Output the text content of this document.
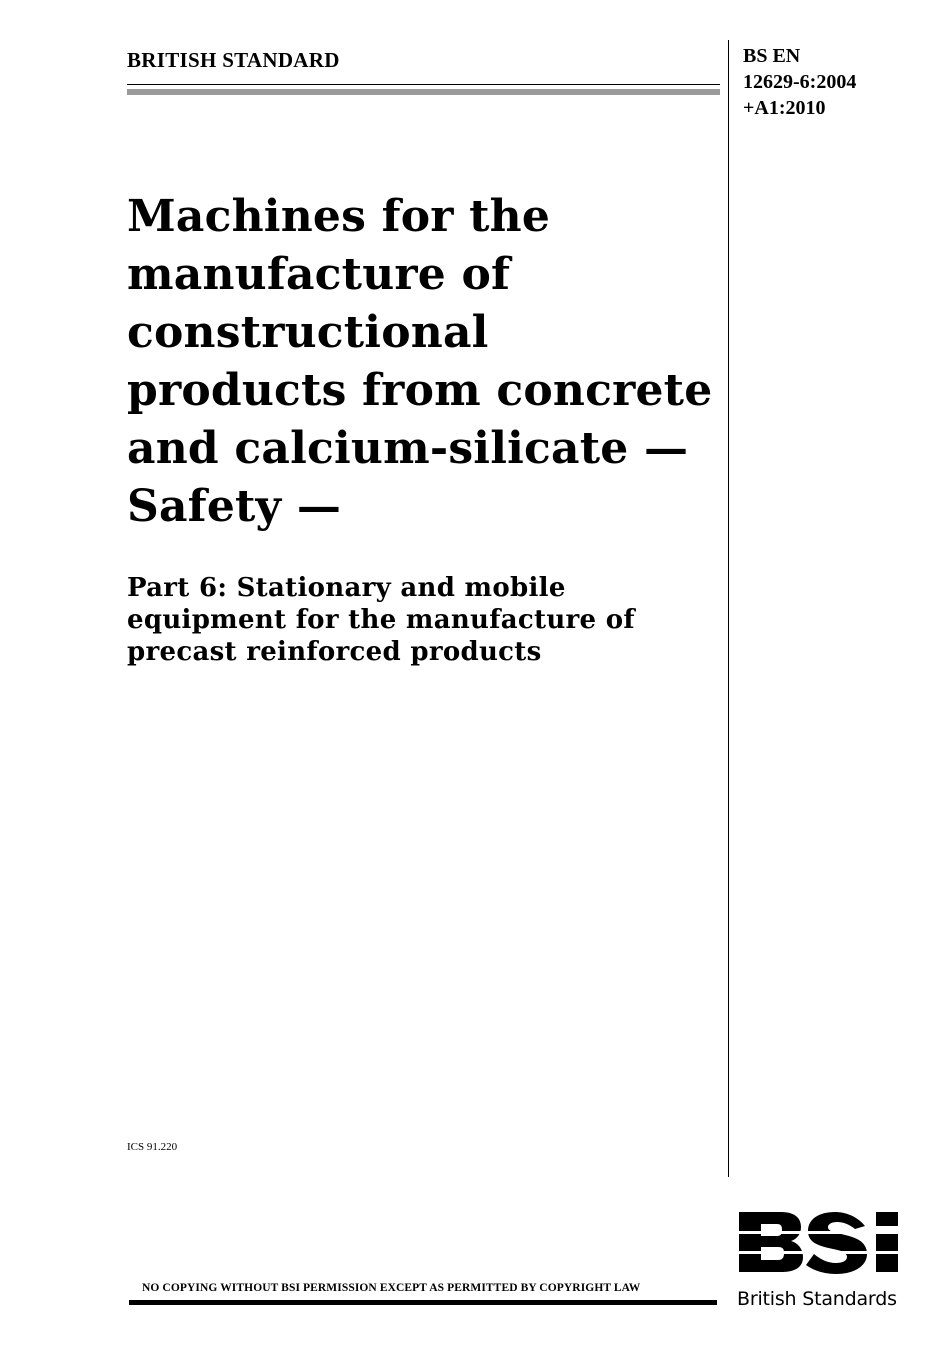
BRITISH STANDARD	BS EN
12629-6:2004
+A1:2010
Machines for the
manufacture of
constructional
products from concrete
and calcium-silicate —
Safety —
Part 6: Stationary and mobile
equipment for the manufacture of
precast reinforced products
ICS 91.220
NO COPYING WITHOUT BSI PERMISSION EXCEPT AS PERMITTED BY COPYRIGHT LAW	British Standards
